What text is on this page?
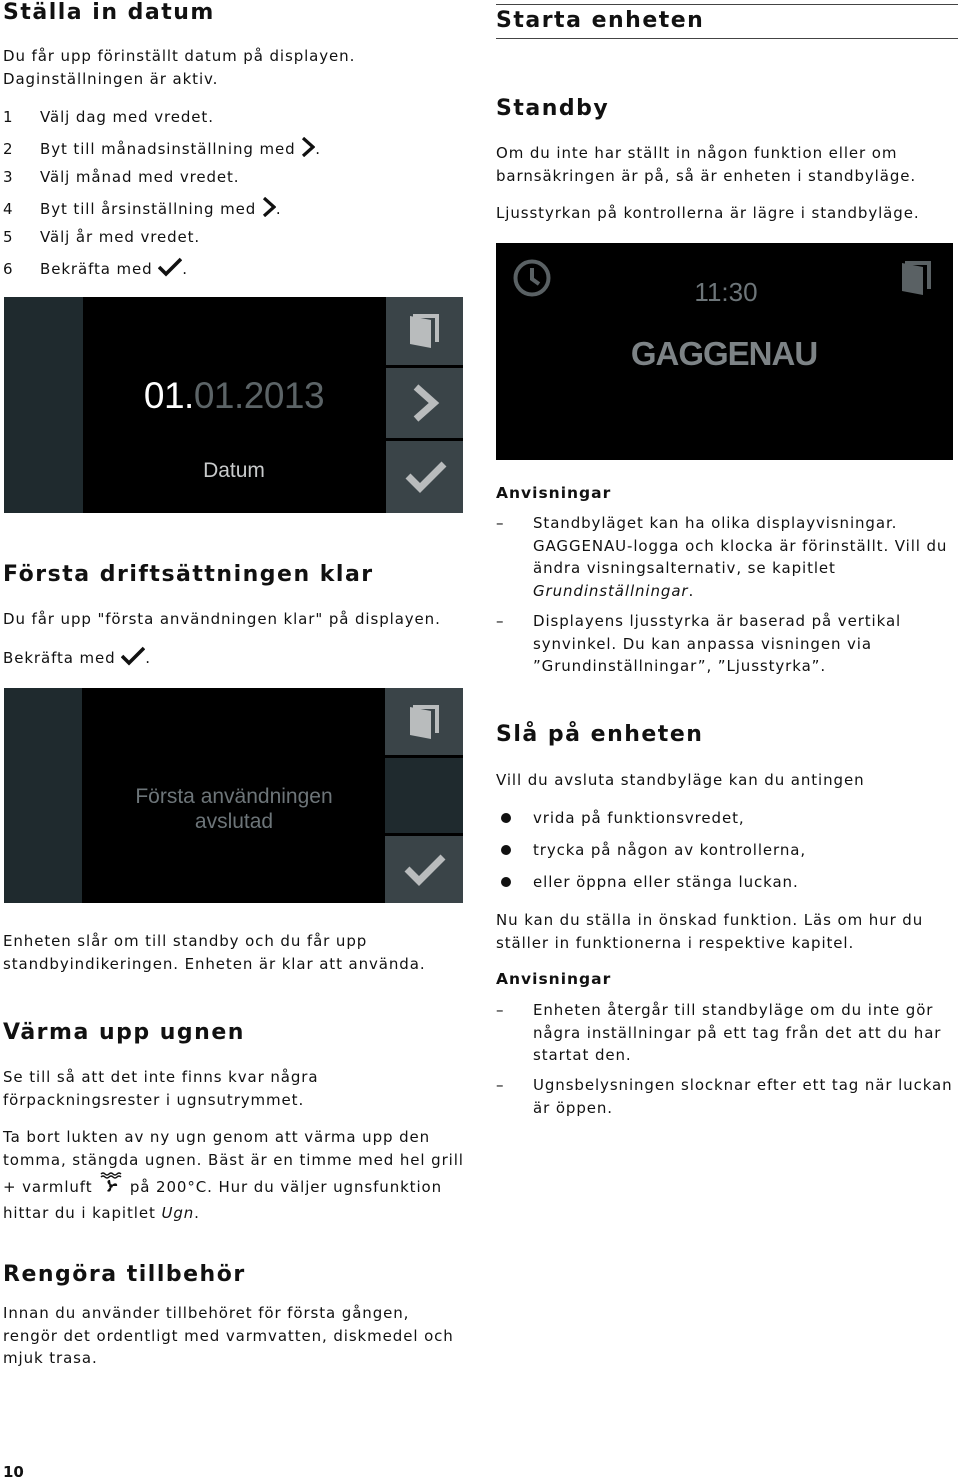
Ställa in datum
Du får upp förinställt datum på displayen. Daginställningen är aktiv.
1 Välj dag med vredet.
2 Byt till månadsinställning med .
3 Välj månad med vredet.
4 Byt till årsinställning med .
5 Välj år med vredet.
6 Bekräfta med .
01.01.2013
Datum
Första driftsättningen klar
Du får upp "första användningen klar" på displayen.
Bekräfta med .
Första användningen
avslutad
Enheten slår om till standby och du får upp standbyindikeringen. Enheten är klar att använda.
Värma upp ugnen
Se till så att det inte finns kvar några förpackningsrester i ugnsutrymmet.
Ta bort lukten av ny ugn genom att värma upp den tomma, stängda ugnen. Bäst är en timme med hel grill + varmluft på 200°C. Hur du väljer ugnsfunktion hittar du i kapitlet Ugn.
Rengöra tillbehör
Innan du använder tillbehöret för första gången, rengör det ordentligt med varmvatten, diskmedel och mjuk trasa.
10
Starta enheten
Standby
Om du inte har ställt in någon funktion eller om barnsäkringen är på, så är enheten i standbyläge.
Ljusstyrkan på kontrollerna är lägre i standbyläge.
11:30
GAGGENAU
Anvisningar
– Standbyläget kan ha olika displayvisningar. GAGGENAU-logga och klocka är förinställt. Vill du ändra visningsalternativ, se kapitlet Grundinställningar.
– Displayens ljusstyrka är baserad på vertikal synvinkel. Du kan anpassa visningen via ”Grundinställningar”, ”Ljusstyrka”.
Slå på enheten
Vill du avsluta standbyläge kan du antingen
vrida på funktionsvredet,
trycka på någon av kontrollerna,
eller öppna eller stänga luckan.
Nu kan du ställa in önskad funktion. Läs om hur du ställer in funktionerna i respektive kapitel.
Anvisningar
– Enheten återgår till standbyläge om du inte gör några inställningar på ett tag från det att du har startat den.
– Ugnsbelysningen slocknar efter ett tag när luckan är öppen.
